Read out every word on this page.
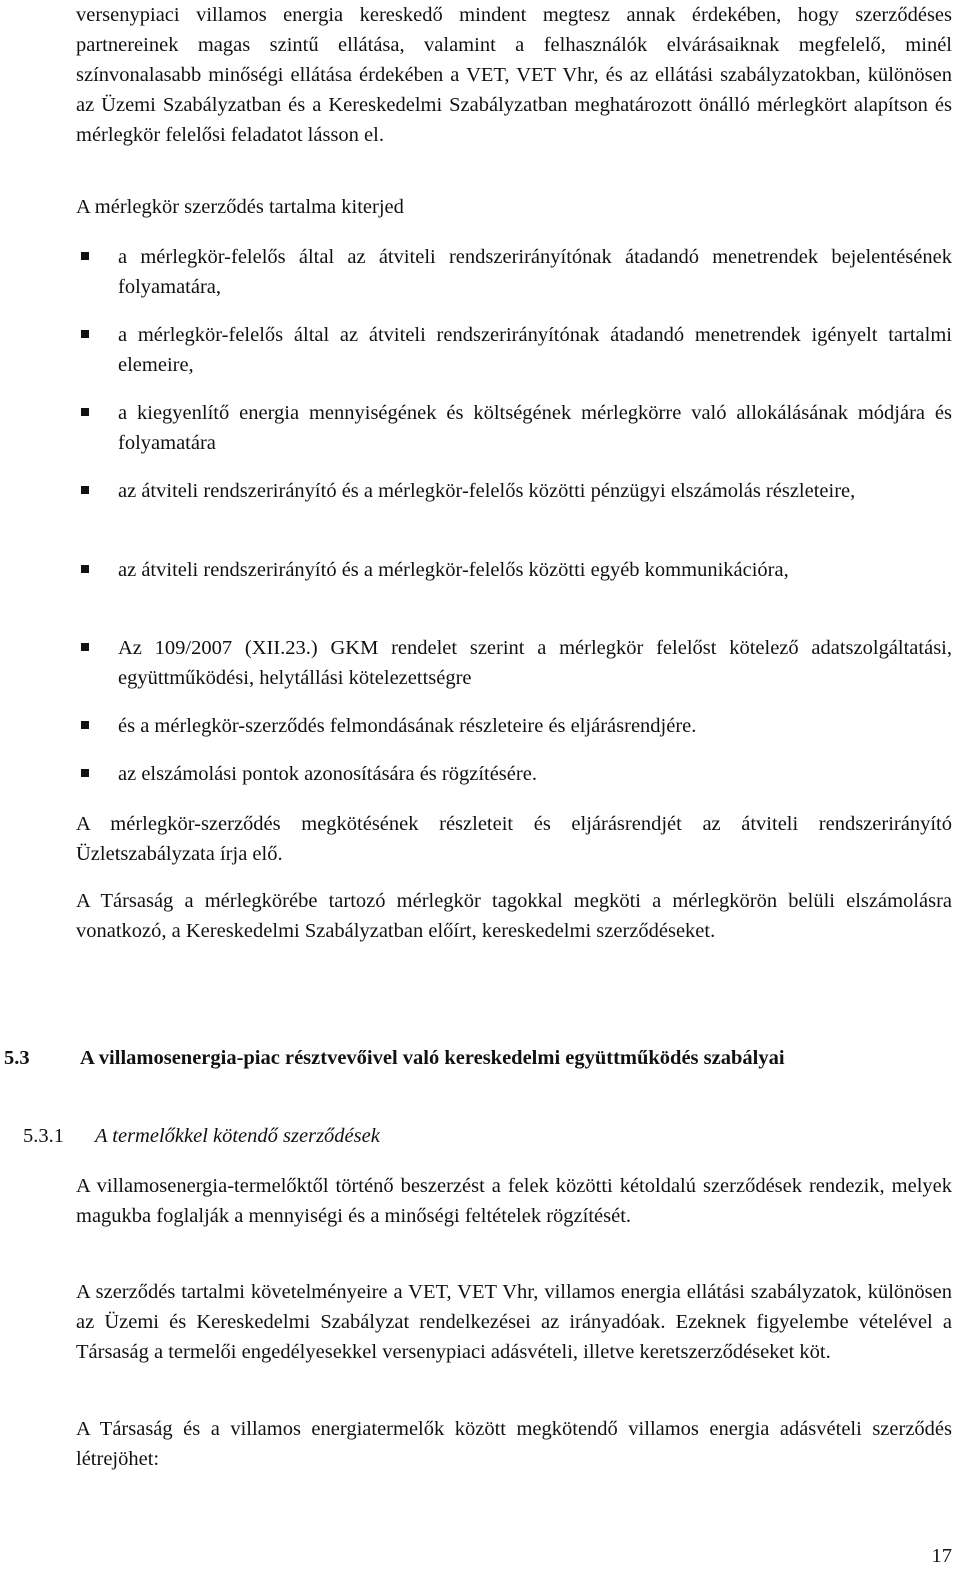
versenypiaci villamos energia kereskedő mindent megtesz annak érdekében, hogy szerződéses partnereinek magas szintű ellátása, valamint a felhasználók elvárásaiknak megfelelő, minél színvonalasabb minőségi ellátása érdekében a VET, VET Vhr, és az ellátási szabályzatokban, különösen az Üzemi Szabályzatban és a Kereskedelmi Szabályzatban meghatározott önálló mérlegkört alapítson és mérlegkör felelősi feladatot lásson el.

A mérlegkör szerződés tartalma kiterjed

a mérlegkör-felelős által az átviteli rendszerirányítónak átadandó menetrendek bejelentésének folyamatára,
a mérlegkör-felelős által az átviteli rendszerirányítónak átadandó menetrendek igényelt tartalmi elemeire,
a kiegyenlítő energia mennyiségének és költségének mérlegkörre való allokálásának módjára és folyamatára
az átviteli rendszerirányító és a mérlegkör-felelős közötti pénzügyi elszámolás részleteire,
az átviteli rendszerirányító és a mérlegkör-felelős közötti egyéb kommunikációra,
Az 109/2007 (XII.23.) GKM rendelet szerint a mérlegkör felelőst kötelező adatszolgáltatási, együttműködési, helytállási kötelezettségre
és a mérlegkör-szerződés felmondásának részleteire és eljárásrendjére.
az elszámolási pontok azonosítására és rögzítésére.

A mérlegkör-szerződés megkötésének részleteit és eljárásrendjét az átviteli rendszerirányító Üzletszabályzata írja elő.

A Társaság a mérlegkörébe tartozó mérlegkör tagokkal megköti a mérlegkörön belüli elszámolásra vonatkozó, a Kereskedelmi Szabályzatban előírt, kereskedelmi szerződéseket.

5.3 A villamosenergia-piac résztvevőivel való kereskedelmi együttműködés szabályai
5.3.1 A termelőkkel kötendő szerződések

A villamosenergia-termelőktől történő beszerzést a felek közötti kétoldalú szerződések rendezik, melyek magukba foglalják a mennyiségi és a minőségi feltételek rögzítését.

A szerződés tartalmi követelményeire a VET, VET Vhr, villamos energia ellátási szabályzatok, különösen az Üzemi és Kereskedelmi Szabályzat rendelkezései az irányadóak. Ezeknek figyelembe vételével a Társaság a termelői engedélyesekkel versenypiaci adásvételi, illetve keretszerződéseket köt.

A Társaság és a villamos energiatermelők között megkötendő villamos energia adásvételi szerződés létrejöhet:

17
